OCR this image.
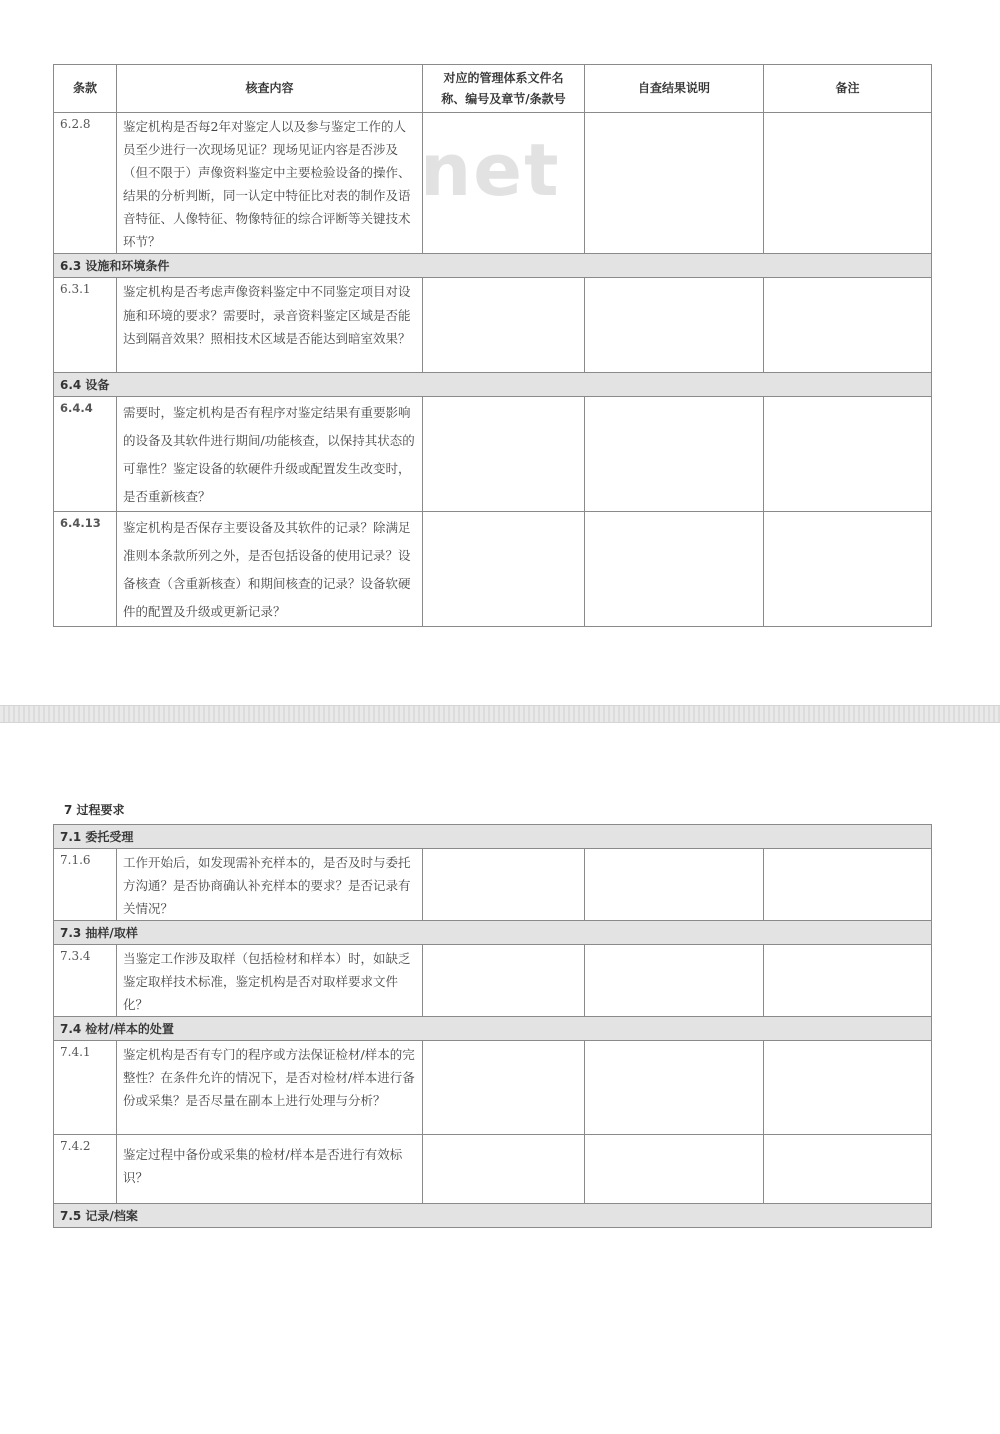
条款	核查内容	对应的管理体系文件名称、编号及章节/条款号	自查结果说明	备注
6.2.8	鉴定机构是否每2年对鉴定人以及参与鉴定工作的人员至少进行一次现场见证？现场见证内容是否涉及（但不限于）声像资料鉴定中主要检验设备的操作、结果的分析判断，同一认定中特征比对表的制作及语音特征、人像特征、物像特征的综合评断等关键技术环节？			
6.3 设施和环境条件				
6.3.1	鉴定机构是否考虑声像资料鉴定中不同鉴定项目对设施和环境的要求？需要时，录音资料鉴定区域是否能达到隔音效果？照相技术区域是否能达到暗室效果？			
6.4 设备				
6.4.4	需要时，鉴定机构是否有程序对鉴定结果有重要影响的设备及其软件进行期间/功能核查，以保持其状态的可靠性？鉴定设备的软硬件升级或配置发生改变时，是否重新核查？			
6.4.13	鉴定机构是否保存主要设备及其软件的记录？除满足准则本条款所列之外，是否包括设备的使用记录？设备核查（含重新核查）和期间核查的记录？设备软硬件的配置及升级或更新记录？			
net
7 过程要求
7.1 委托受理				
7.1.6	工作开始后，如发现需补充样本的，是否及时与委托方沟通？是否协商确认补充样本的要求？是否记录有关情况？			
7.3 抽样/取样				
7.3.4	当鉴定工作涉及取样（包括检材和样本）时，如缺乏鉴定取样技术标准，鉴定机构是否对取样要求文件化？			
7.4 检材/样本的处置				
7.4.1	鉴定机构是否有专门的程序或方法保证检材/样本的完整性？在条件允许的情况下，是否对检材/样本进行备份或采集？是否尽量在副本上进行处理与分析？			
7.4.2	鉴定过程中备份或采集的检材/样本是否进行有效标识？			
7.5 记录/档案				
